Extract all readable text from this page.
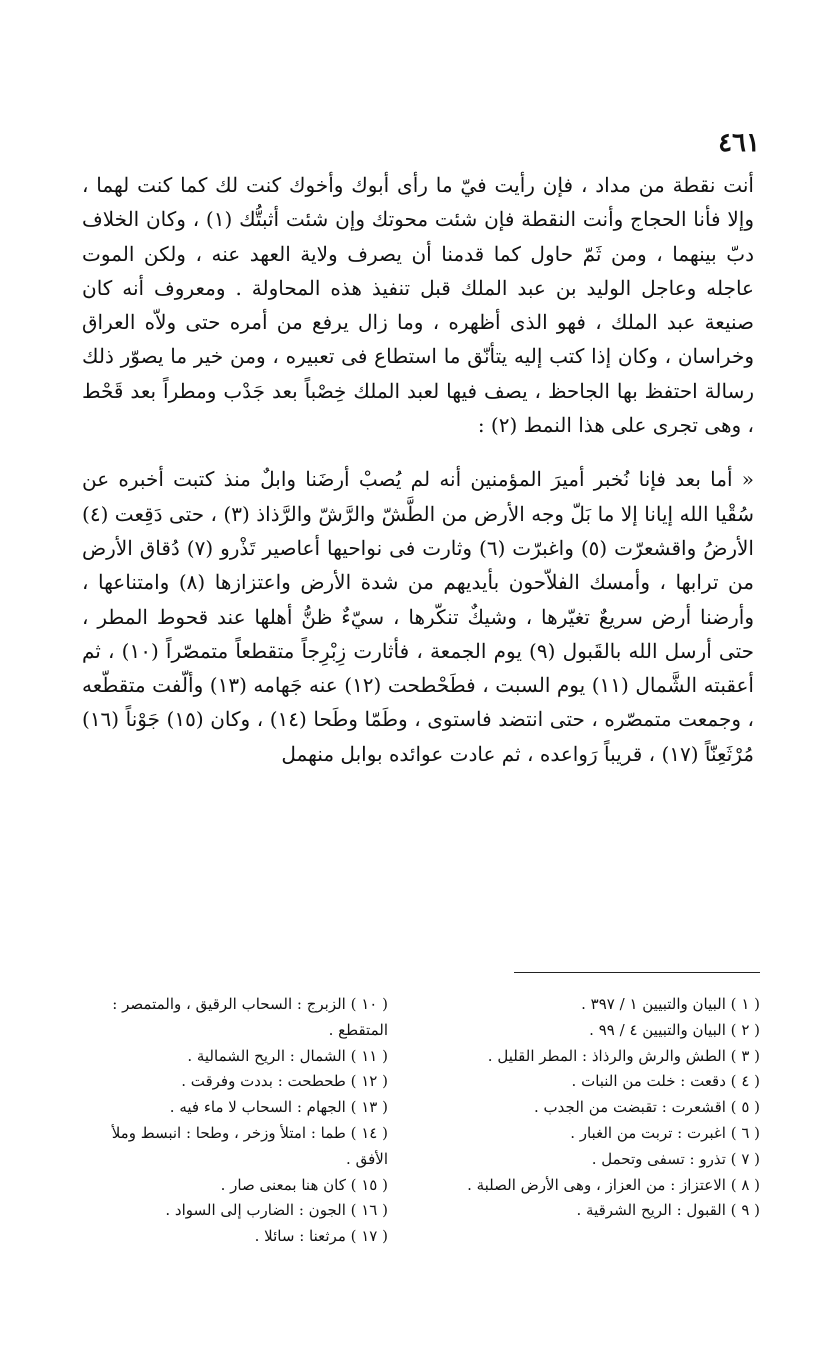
٤٦١

أنت نقطة من مداد ، فإن رأيت فيّ ما رأى أبوك وأخوك كنت لك كما كنت لهما ، وإلا فأنا الحجاج وأنت النقطة فإن شئت محوتك وإن شئت أثبتُّك (١) ، وكان الخلاف دبّ بينهما ، ومن ثَمّ حاول كما قدمنا أن يصرف ولاية العهد عنه ، ولكن الموت عاجله وعاجل الوليد بن عبد الملك قبل تنفيذ هذه المحاولة . ومعروف أنه كان صنيعة عبد الملك ، فهو الذى أظهره ، وما زال يرفع من أمره حتى ولاّه العراق وخراسان ، وكان إذا كتب إليه يتأنّق ما استطاع فى تعبيره ، ومن خير ما يصوّر ذلك رسالة احتفظ بها الجاحظ ، يصف فيها لعبد الملك خِصْباً بعد جَدْب ومطراً بعد قَحْط ، وهى تجرى على هذا النمط (٢) :

« أما بعد فإنا نُخبر أميرَ المؤمنين أنه لم يُصبْ أرضَنا وابلٌ منذ كتبت أخبره عن سُقْيا الله إيانا إلا ما بَلّ وجه الأرض من الطَّشّ والرَّشّ والرَّذاذ (٣) ، حتى دَقِعت (٤) الأرضُ واقشعرّت (٥) واغبرّت (٦) وثارت فى نواحيها أعاصير تَذْرو (٧) دُقاق الأرض من ترابها ، وأمسك الفلاّحون بأيديهم من شدة الأرض واعتزازها (٨) وامتناعها ، وأرضنا أرض سريعٌ تغيّرها ، وشيكٌ تنكّرها ، سيّءٌ ظنُّ أهلها عند قحوط المطر ، حتى أرسل الله بالقَبول (٩) يوم الجمعة ، فأثارت زِبْرِجاً متقطعاً متمصّراً (١٠) ، ثم أعقبته الشَّمال (١١) يوم السبت ، فطَحْطحت (١٢) عنه جَهامه (١٣) وألّفت متقطّعه ، وجمعت متمصّره ، حتى انتضد فاستوى ، وطَمّا وطَحا (١٤) ، وكان (١٥) جَوْناً (١٦) مُرْثَعِنّاً (١٧) ، قريباً رَواعده ، ثم عادت عوائده بوابل منهمل

( ١ ) البيان والتبيين ١ / ٣٩٧ .

( ٢ ) البيان والتبيين ٤ / ٩٩ .

( ٣ ) الطش والرش والرذاذ : المطر القليل .

( ٤ ) دقعت : خلت من النبات .

( ٥ ) اقشعرت : تقبضت من الجدب .

( ٦ ) اغبرت : تربت من الغبار .

( ٧ ) تذرو : تسفى وتحمل .

( ٨ ) الاعتزاز : من العزاز ، وهى الأرض الصلبة .

( ٩ ) القبول : الريح الشرقية .

( ١٠ ) الزبرج : السحاب الرقيق ، والمتمصر : المتقطع .

( ١١ ) الشمال : الريح الشمالية .

( ١٢ ) طحطحت : بددت وفرقت .

( ١٣ ) الجهام : السحاب لا ماء فيه .

( ١٤ ) طما : امتلأ وزخر ، وطحا : انبسط وملأ الأفق .

( ١٥ ) كان هنا بمعنى صار .

( ١٦ ) الجون : الضارب إلى السواد .

( ١٧ ) مرثعنا : سائلا .
